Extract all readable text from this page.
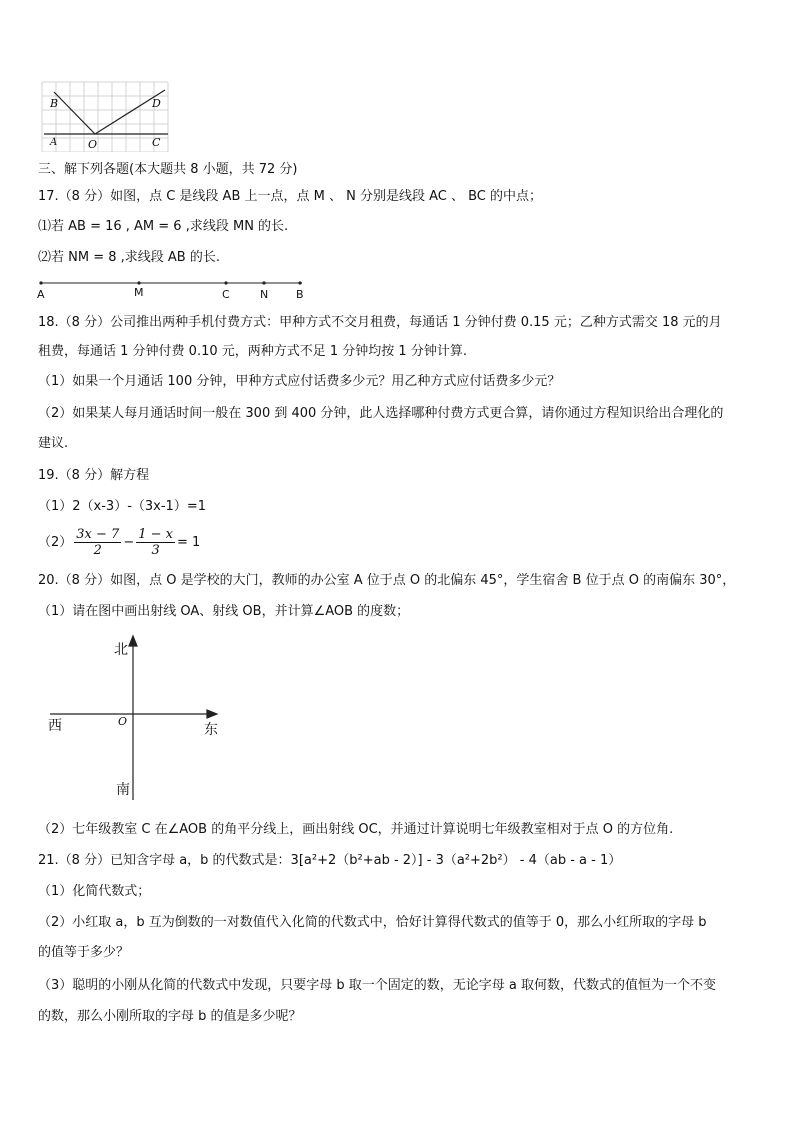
B	D
A	O	C
三、解下列各题(本大题共 8 小题，共 72 分)
17.（8 分）如图，点 C 是线段 AB 上一点，点 M 、 N 分别是线段 AC 、 BC 的中点；
⑴若 AB = 16 , AM = 6 ,求线段 MN 的长.
⑵若 NM = 8 ,求线段 AB 的长.
A	M	C	N	B
18.（8 分）公司推出两种手机付费方式：甲种方式不交月租费，每通话 1 分钟付费 0.15 元；乙种方式需交 18 元的月
租费，每通话 1 分钟付费 0.10 元，两种方式不足 1 分钟均按 1 分钟计算.
（1）如果一个月通话 100 分钟，甲种方式应付话费多少元？用乙种方式应付话费多少元？
（2）如果某人每月通话时间一般在 300 到 400 分钟，此人选择哪种付费方式更合算，请你通过方程知识给出合理化的
建议.
19.（8 分）解方程
（1）2（x-3）-（3x-1）=1
$(2) \frac{3x - 7}{2} - \frac{1 - x}{3} = 1$
20.（8 分）如图，点 O 是学校的大门，教师的办公室 A 位于点 O 的北偏东 45°，学生宿舍 B 位于点 O 的南偏东 30°，
（1）请在图中画出射线 OA、射线 OB，并计算∠AOB 的度数；
北
西	O
东
南
（2）七年级教室 C 在∠AOB 的角平分线上，画出射线 OC，并通过计算说明七年级教室相对于点 O 的方位角.
21.（8 分）已知含字母 a，b 的代数式是：3[a²+2（b²+ab - 2）] - 3（a²+2b²） - 4（ab - a - 1）
（1）化简代数式；
（2）小红取 a，b 互为倒数的一对数值代入化简的代数式中，恰好计算得代数式的值等于 0，那么小红所取的字母 b
的值等于多少？
（3）聪明的小刚从化简的代数式中发现，只要字母 b 取一个固定的数，无论字母 a 取何数，代数式的值恒为一个不变
的数，那么小刚所取的字母 b 的值是多少呢？
